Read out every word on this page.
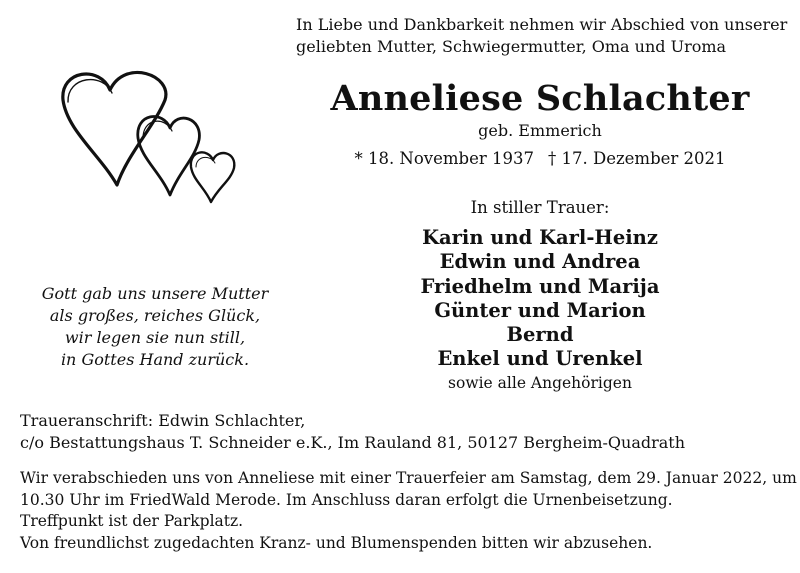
In Liebe und Dankbarkeit nehmen wir Abschied von unserer
geliebten Mutter, Schwiegermutter, Oma und Uroma
Anneliese Schlachter
geb. Emmerich
* 18. November 1937 † 17. Dezember 2021
In stiller Trauer:
Karin und Karl-Heinz
Edwin und Andrea
Friedhelm und Marija
Günter und Marion
Bernd
Enkel und Urenkel
sowie alle Angehörigen
Gott gab uns unsere Mutter
als großes, reiches Glück,
wir legen sie nun still,
in Gottes Hand zurück.
Traueranschrift: Edwin Schlachter,
c/o Bestattungshaus T. Schneider e.K., Im Rauland 81, 50127 Bergheim-Quadrath
Wir verabschieden uns von Anneliese mit einer Trauerfeier am Samstag, dem 29. Januar 2022, um
10.30 Uhr im FriedWald Merode. Im Anschluss daran erfolgt die Urnenbeisetzung.
Treffpunkt ist der Parkplatz.
Von freundlichst zugedachten Kranz- und Blumenspenden bitten wir abzusehen.
